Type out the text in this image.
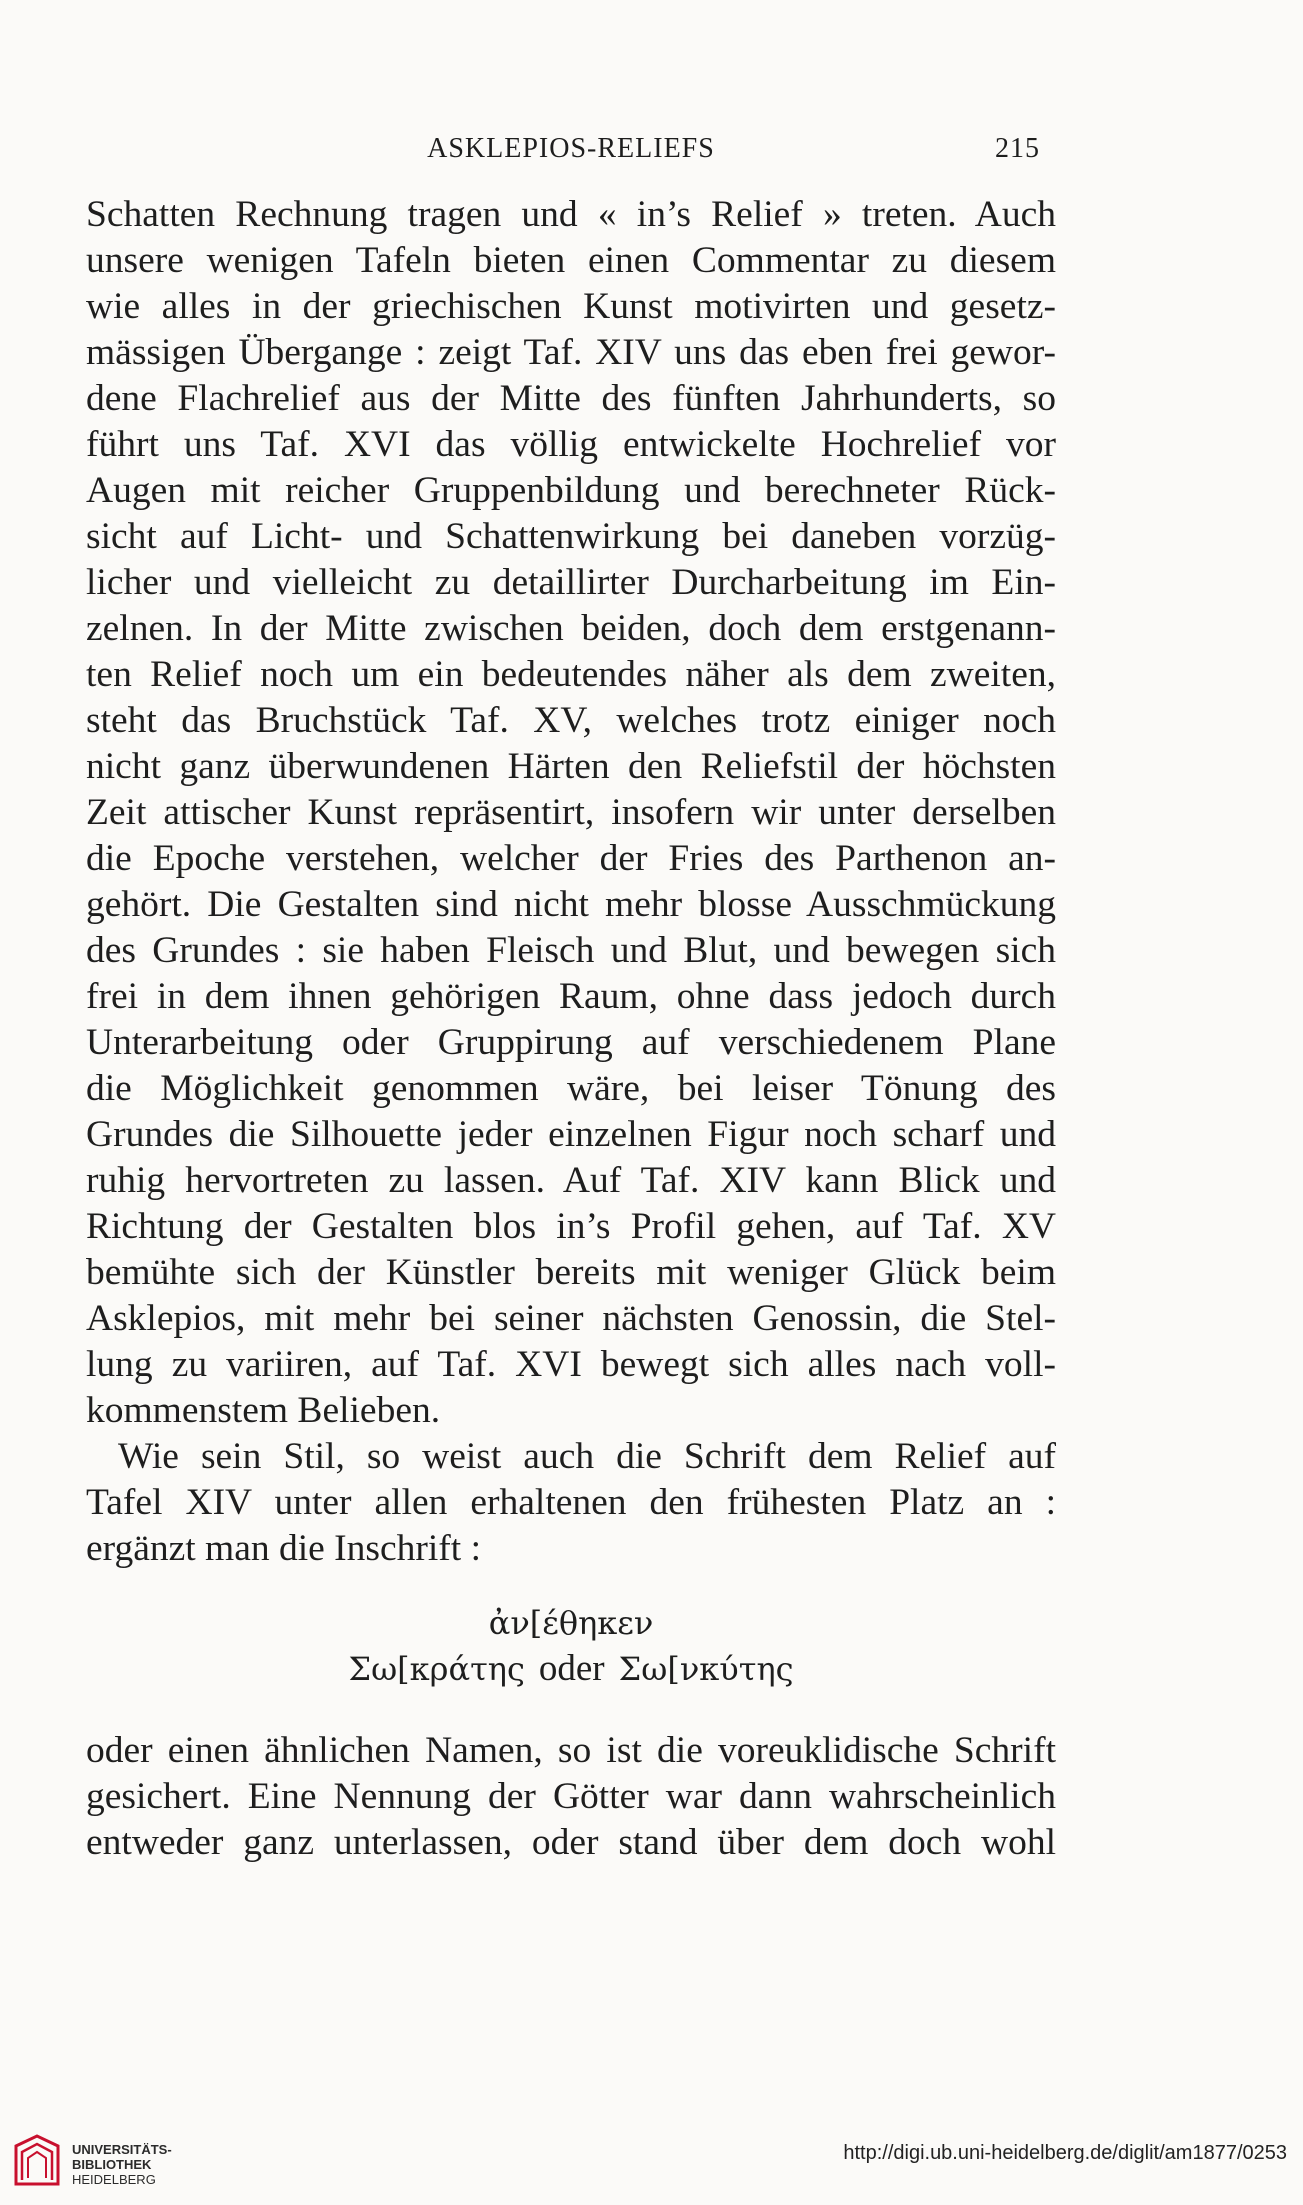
ASKLEPIOS-RELIEFS	215
Schatten Rechnung tragen und « in’s Relief » treten. Auch
unsere wenigen Tafeln bieten einen Commentar zu diesem
wie alles in der griechischen Kunst motivirten und gesetz-
mässigen Übergange : zeigt Taf. XIV uns das eben frei gewor-
dene Flachrelief aus der Mitte des fünften Jahrhunderts, so
führt uns Taf. XVI das völlig entwickelte Hochrelief vor
Augen mit reicher Gruppenbildung und berechneter Rück-
sicht auf Licht- und Schattenwirkung bei daneben vorzüg-
licher und vielleicht zu detaillirter Durcharbeitung im Ein-
zelnen. In der Mitte zwischen beiden, doch dem erstgenann-
ten Relief noch um ein bedeutendes näher als dem zweiten,
steht das Bruchstück Taf. XV, welches trotz einiger noch
nicht ganz überwundenen Härten den Reliefstil der höchsten
Zeit attischer Kunst repräsentirt, insofern wir unter derselben
die Epoche verstehen, welcher der Fries des Parthenon an-
gehört. Die Gestalten sind nicht mehr blosse Ausschmückung
des Grundes : sie haben Fleisch und Blut, und bewegen sich
frei in dem ihnen gehörigen Raum, ohne dass jedoch durch
Unterarbeitung oder Gruppirung auf verschiedenem Plane
die Möglichkeit genommen wäre, bei leiser Tönung des
Grundes die Silhouette jeder einzelnen Figur noch scharf und
ruhig hervortreten zu lassen. Auf Taf. XIV kann Blick und
Richtung der Gestalten blos in’s Profil gehen, auf Taf. XV
bemühte sich der Künstler bereits mit weniger Glück beim
Asklepios, mit mehr bei seiner nächsten Genossin, die Stel-
lung zu variiren, auf Taf. XVI bewegt sich alles nach voll-
kommenstem Belieben.
Wie sein Stil, so weist auch die Schrift dem Relief auf
Tafel XIV unter allen erhaltenen den frühesten Platz an :
ergänzt man die Inschrift :
ἀν[έθηκεν
Σω[κράτης oder Σω[νκύτης
oder einen ähnlichen Namen, so ist die voreuklidische Schrift
gesichert. Eine Nennung der Götter war dann wahrscheinlich
entweder ganz unterlassen, oder stand über dem doch wohl
UNIVERSITÄTS-
BIBLIOTHEK
HEIDELBERG
http://digi.ub.uni-heidelberg.de/diglit/am1877/0253
